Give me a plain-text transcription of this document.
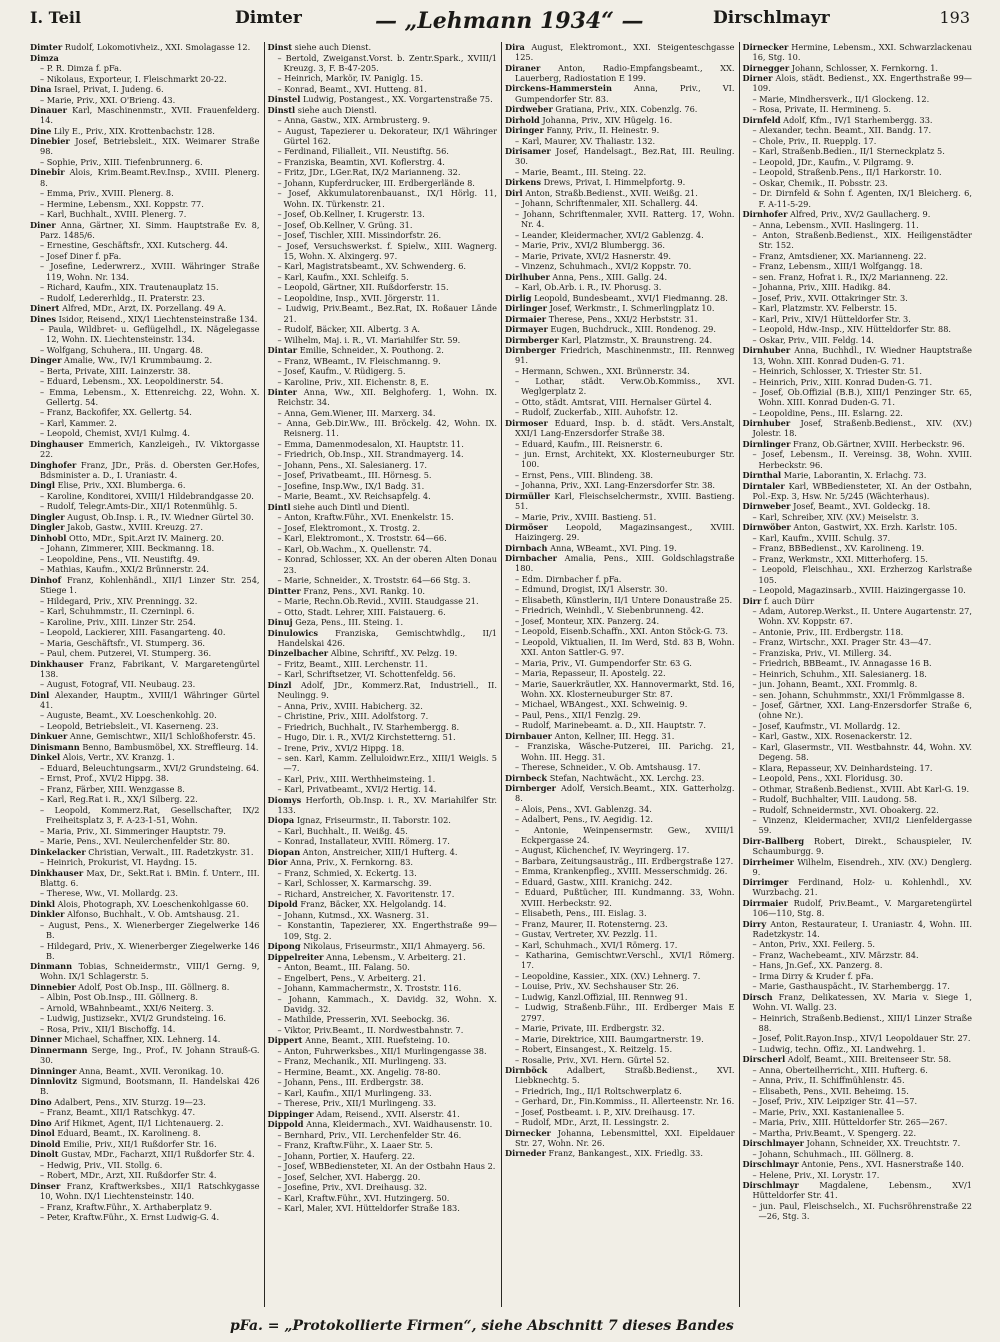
I. Teil	Dimter	— „Lehmann 1934“ —	Dirschlmayr	193

Dimter Rudolf, Lokomotivheiz., XXI. Smolagasse 12.

Dimza

– P. R. Dimza f. pFa.

– Nikolaus, Exporteur, I. Fleischmarkt 20-22.

Dina Israel, Privat, I. Judeng. 6.

– Marie, Priv., XXI. O'Brieng. 43.

Dinauer Karl, Maschinenmstr., XVII. Frauenfelderg. 14.

Dine Lily E., Priv., XIX. Krottenbachstr. 128.

Dinebier Josef, Betriebsleit., XIX. Weimarer Straße 98.

– Sophie, Priv., XIII. Tiefenbrunnerg. 6.

Dinebir Alois, Krim.Beamt.Rev.Insp., XVIII. Plenerg. 8.

– Emma, Priv., XVIII. Plenerg. 8.

– Hermine, Lebensm., XXI. Koppstr. 77.

– Karl, Buchhalt., XVIII. Plenerg. 7.

Diner Anna, Gärtner, XI. Simm. Hauptstraße Ev. 8, Parz. 1485/6.

– Ernestine, Geschäftsfr., XXI. Kutscherg. 44.

– Josef Diner f. pFa.

– Josefine, Lederwrerz., XVIII. Währinger Straße 119, Wohn. Nr. 134.

– Richard, Kaufm., XIX. Trautenauplatz 15.

– Rudolf, Ledererhldg., II. Praterstr. 23.

Dinert Alfred, MDr., Arzt, IX. Porzellang. 49 A.

Dines Isidor, Reisend., XIX/1 Liechtensteinstraße 134.

– Paula, Wildbret- u. Geflügelhdl., IX. Nägelegasse 12, Wohn. IX. Liechtensteinstr. 134.

– Wolfgang, Schuhera., III. Ungarg. 48.

Dinger Amalie, Ww., IV/1 Krummbaumg. 2.

– Berta, Private, XIII. Lainzerstr. 38.

– Eduard, Lebensm., XX. Leopoldinerstr. 54.

– Emma, Lebensm., X. Ettenreichg. 22, Wohn. X. Gellertg. 54.

– Franz, Backofifer, XX. Gellertg. 54.

– Karl, Kammer. 2.

– Leopold, Chemist, XVI/1 Kulmg. 4.

Dinghauser Emmerich, Kanzleigeh., IV. Viktorgasse 22.

Dinghofer Franz, JDr., Präs. d. Obersten Ger.Hofes, Bdsminister a. D., I. Uraniastr. 4.

Dingl Elise, Priv., XXI. Blumberga. 6.

– Karoline, Konditorei, XVIII/1 Hildebrandgasse 20.

– Rudolf, Telegr.Amts-Dir., XII/1 Rotenmühlg. 5.

Dingler August, Ob.Insp. i. R., IV. Wiedner Gürtel 30.

Dingler Jakob, Gastw., XVIII. Kreuzg. 27.

Dinhobl Otto, MDr., Spit.Arzt IV. Mainerg. 20.

– Johann, Zimmerer, XIII. Beckmanng. 18.

– Leopoldine, Pens., VII. Neustiftg. 49.

– Mathias, Kaufm., XXI/2 Brünnerstr. 24.

Dinhof Franz, Kohlenhändl., XII/1 Linzer Str. 254, Stiege 1.

– Hildegard, Priv., XIV. Prenningg. 32.

– Karl, Schuhmmstr., II. Czerninpl. 6.

– Karoline, Priv., XIII. Linzer Str. 254.

– Leopold, Lackierer, XIII. Fasangarteng. 40.

– Maria, Geschäftsfr., VI. Stumperg. 36.

– Paul, chem. Putzerei, VI. Stumperg. 36.

Dinkhauser Franz, Fabrikant, V. Margaretengürtel 138.

– August, Fotograf, VII. Neubaug. 23.

Dinl Alexander, Hauptm., XVIII/1 Währinger Gürtel 41.

– Auguste, Beamt., XV. Loeschenkohlg. 20.

– Leopold, Betriebsleit., VI. Kaserneng. 23.

Dinkuer Anne, Gemischtwr., XII/1 Schloßhoferstr. 45.

Dinismann Benno, Bambusmöbel, XX. Streffleurg. 14.

Dinkel Alois, Vertr., XV. Kranzg. 1.

– Eduard, Beleuchtungsarm., XVI/2 Grundsteing. 64.

– Ernst, Prof., XVI/2 Hippg. 38.

– Franz, Färber, XIII. Wenzgasse 8.

– Karl, Reg.Rat i. R., XX/1 Silberg. 22.

– Leopold, Kommerz.Rat, Gesellschafter, IX/2 Freiheitsplatz 3, F. A-23-1-51, Wohn.

– Maria, Priv., XI. Simmeringer Hauptstr. 79.

– Marie, Pens., XVI. Neulerchenfelder Str. 80.

Dinkelacker Christian, Verwalt., III. Radetzkystr. 31.

– Heinrich, Prokurist, VI. Haydng. 15.

Dinkhauser Max, Dr., Sekt.Rat i. BMin. f. Unterr., III. Blattg. 6.

– Therese, Ww., VI. Mollardg. 23.

Dinkl Alois, Photograph, XV. Loeschenkohlgasse 60.

Dinkler Alfonso, Buchhalt., V. Ob. Amtshausg. 21.

– August, Pens., X. Wienerberger Ziegelwerke 146 B.

– Hildegard, Priv., X. Wienerberger Ziegelwerke 146 B.

Dinmann Tobias, Schneidermstr., VIII/1 Gerng. 9, Wohn. IX/1 Schlagerstr. 5.

Dinnebier Adolf, Post Ob.Insp., III. Göllnerg. 8.

– Albin, Post Ob.Insp., III. Göllnerg. 8.

– Arnold, WBahnbeamt., XXI/6 Neiterg. 3.

– Ludwig, Justizsekr., XVI/2 Grundsteing. 16.

– Rosa, Priv., XII/1 Bischoffg. 14.

Dinner Michael, Schaffner, XIX. Lehnerg. 14.

Dinnermann Serge, Ing., Prof., IV. Johann Strauß-G. 30.

Dinninger Anna, Beamt., XVII. Veronikag. 10.

Dinnlovitz Sigmund, Bootsmann, II. Handelskai 426 B.

Dino Adalbert, Pens., XIV. Sturzg. 19—23.

– Franz, Beamt., XII/1 Ratschkyg. 47.

Dino Arif Hikmet, Agent, II/1 Lichtenauerg. 2.

Dinol Eduard, Beamt., IX. Karolineng. 8.

Dinold Emilie, Priv., XII/1 Rußdorfer Str. 16.

Dinolt Gustav, MDr., Facharzt, XII/1 Rußdorfer Str. 4.

– Hedwig, Priv., VII. Stollg. 6.

– Robert, MDr., Arzt, XII. Rußdorfer Str. 4.

Dinser Franz, Kraftwerksbes., XII/1 Ratschkygasse 10, Wohn. IX/1 Liechtensteinstr. 140.

– Franz, Kraftw.Führ., X. Arthaberplatz 9.

– Peter, Kraftw.Führ., X. Ernst Ludwig-G. 4.

Dinst siehe auch Dienst.

– Bertold, Zweiganst.Vorst. b. Zentr.Spark., XVIII/1 Kreuzg. 3, F. B-47-205.

– Heinrich, Markör, IV. Paniglg. 15.

– Konrad, Beamt., XVI. Hutteng. 81.

Dinstel Ludwig, Postangest., XX. Vorgartenstraße 75.

Dinstl siehe auch Dienstl.

– Anna, Gastw., XIX. Armbrusterg. 9.

– August, Tapezierer u. Dekorateur, IX/1 Währinger Gürtel 162.

– Ferdinand, Filialleit., VII. Neustiftg. 56.

– Franziska, Beamtin, XVI. Koflerstrg. 4.

– Fritz, JDr., LGer.Rat, IX/2 Marianneng. 32.

– Johann, Kupferdrucker, III. Erdbergerlände 8.

– Josef, Akkumulatorenbauanst., IX/1 Hörlg. 11, Wohn. IX. Türkenstr. 21.

– Josef, Ob.Kellner, I. Krugerstr. 13.

– Josef, Ob.Kellner, V. Grüng. 31.

– Josef, Tischler, XIII. Missindorfstr. 26.

– Josef, Versuchswerkst. f. Spielw., XIII. Wagnerg. 15, Wohn. X. Alxingerg. 97.

– Karl, Magistratsbeamt., XV. Schwenderg. 6.

– Karl, Kaufm., XXI. Schleifg. 5.

– Leopold, Gärtner, XII. Rußdorferstr. 15.

– Leopoldine, Insp., XVII. Jörgerstr. 11.

– Ludwig, Priv.Beamt., Bez.Rat, IX. Roßauer Lände 21.

– Rudolf, Bäcker, XII. Albertg. 3 A.

– Wilhelm, Maj. i. R., VI. Mariahilfer Str. 59.

Dintar Emilie, Schneider., X. Pouthong. 2.

– Franz, WBeamt., IV. Fleischmanng. 9.

– Josef, Kaufm., V. Rüdigerg. 5.

– Karoline, Priv., XII. Eichenstr. 8, E.

Dinter Anna, Ww., XII. Belghoferg. 1, Wohn. IX. Reichstr. 34.

– Anna, Gem.Wiener, III. Marxerg. 34.

– Anna, Geb.Dir.Ww., III. Bröckelg. 42, Wohn. IX. Reisnerg. 11.

– Emma, Damenmodesalon, XI. Hauptstr. 11.

– Friedrich, Ob.Insp., XII. Strandmayerg. 14.

– Johann, Pens., XI. Salesianerg. 17.

– Josef, Privatbeamt., III. Hörnesg. 5.

– Josefine, Insp.Ww., IX/1 Badg. 31.

– Marie, Beamt., XV. Reichsapfelg. 4.

Dintl siehe auch Dintl und Dientl.

– Anton, Kraftw.Führ., XVI. Enenkelstr. 15.

– Josef, Elektromont., X. Trostg. 2.

– Karl, Elektromont., X. Troststr. 64—66.

– Karl, Ob.Wachm., X. Quellenstr. 74.

– Konrad, Schlosser, XX. An der oberen Alten Donau 23.

– Marie, Schneider., X. Troststr. 64—66 Stg. 3.

Dintter Franz, Pens., XVI. Rankg. 10.

– Marie, Rechn.Ob.Revid., XVIII. Staudgasse 21.

– Otto, Stadt. Lehrer, XIII. Faistauerg. 6.

Dinuj Geza, Pens., III. Steing. 1.

Dinulowics Franziska, Gemischtwhdlg., II/1 Handelskai 426.

Dinzelbacher Albine, Schriftf., XV. Pelzg. 19.

– Fritz, Beamt., XIII. Lerchenstr. 11.

– Karl, Schriftsetzer, VI. Schottenfeldg. 56.

Dinzl Adolf, JDr., Kommerz.Rat, Industriell., II. Neulingg. 9.

– Anna, Priv., XVIII. Habicherg. 32.

– Christine, Priv., XIII. Adolfstorg. 7.

– Friedrich, Buchhalt., IV. Starhembergg. 8.

– Hugo, Dir. i. R., XVI/2 Kirchstetterng. 51.

– Irene, Priv., XVI/2 Hippg. 18.

– sen. Karl, Kamm. Zelluloidwr.Erz., XIII/1 Weigls. 5—7.

– Karl, Priv., XIII. Werthheimsteing. 1.

– Karl, Privatbeamt., XVI/2 Hertig. 14.

Diomys Herforth, Ob.Insp. i. R., XV. Mariahilfer Str. 133.

Diopa Ignaz, Friseurmstr., II. Taborstr. 102.

– Karl, Buchhalt., II. Weißg. 45.

– Konrad, Installateur, XVIII. Römerg. 17.

Diopan Anton, Anstreicher, XIII/1 Hufterg. 4.

Dior Anna, Priv., X. Fernkorng. 83.

– Franz, Schmied, X. Eckertg. 13.

– Karl, Schlosser, X. Karmarschg. 39.

– Richard, Anstreicher, X. Favoritenstr. 17.

Dipold Franz, Bäcker, XX. Helgolandg. 14.

– Johann, Kutmsd., XX. Wasnerg. 31.

– Konstantin, Tapezierer, XX. Engerthstraße 99—109, Stg. 2.

Dipong Nikolaus, Friseurmstr., XII/1 Ahmayerg. 56.

Dippelreiter Anna, Lebensm., V. Arbeiterg. 21.

– Anton, Beamt., III. Falang. 50.

– Engelbert, Pens., V. Arbeiterg. 21.

– Johann, Kammachermstr., X. Troststr. 116.

– Johann, Kammach., X. Davidg. 32, Wohn. X. Davidg. 32.

– Mathilde, Presserin, XVI. Seebockg. 36.

– Viktor, Priv.Beamt., II. Nordwestbahnstr. 7.

Dippert Anne, Beamt., XIII. Ruefsteing. 10.

– Anton, Fuhrwerksbes., XII/1 Murlingengasse 38.

– Franz, Mechanik., XII. Murlingeng. 33.

– Hermine, Beamt., XX. Angelig. 78-80.

– Johann, Pens., III. Erdbergstr. 38.

– Karl, Kaufm., XII/1 Murlingeng. 33.

– Therese, Priv., XII/1 Murlingeng. 33.

Dippinger Adam, Reisend., XVII. Alserstr. 41.

Dippold Anna, Kleidermach., XVI. Waidhausenstr. 10.

– Bernhard, Priv., VII. Lerchenfelder Str. 46.

– Franz, Kraftw.Führ., X. Laaer Str. 5.

– Johann, Portier, X. Hauferg. 22.

– Josef, WBBediensteter, XI. An der Ostbahn Haus 2.

– Josef, Selcher, XVI. Habergg. 20.

– Josefine, Priv., XVI. Dreihausg. 32.

– Karl, Kraftw.Führ., XVI. Hutzingerg. 50.

– Karl, Maler, XVI. Hütteldorfer Straße 183.

Dira August, Elektromont., XXI. Steigenteschgasse 125.

Diraner Anton, Radio-Empfangsbeamt., XX. Lauerberg, Radiostation E 199.

Dirckens-Hammerstein	Anna, Priv., VI. Gumpendorfer Str. 83.

Dirdweber Gratiana, Priv., XIX. Cobenzlg. 76.

Dirhold Johanna, Priv., XIV. Hügelg. 16.

Diringer Fanny, Priv., II. Heinestr. 9.

– Karl, Maurer, XV. Thaliastr. 132.

Dirisamer Josef, Handelsagt., Bez.Rat, III. Reuling. 30.

– Marie, Beamt., III. Steing. 22.

Dirkens Drews, Privat, I. Himmelpfortg. 9.

Dirl Anton, Straßb.Bedienst., XVII. Weißg. 21.

– Johann, Schriftenmaler, XII. Schallerg. 44.

– Johann, Schriftenmaler, XVII. Ratterg. 17, Wohn. Nr. 4.

– Leander, Kleidermacher, XVI/2 Gablenzg. 4.

– Marie, Priv., XVI/2 Blumbergg. 36.

– Marie, Private, XVI/2 Hasnerstr. 49.

– Vinzenz, Schuhmach., XVI/2 Koppstr. 70.

Dirlhuber Anna, Pens., XIII. Gallg. 24.

– Karl, Ob.Arb. i. R., IV. Phorusg. 3.

Dirlig Leopold, Bundesbeamt., XVI/1 Fiedmanng. 28.

Dirlinger Josef, Werkmstr., I. Schmerlingplatz 10.

Dirmaier Therese, Pens., XXI/2 Herbststr. 31.

Dirmayer Eugen, Buchdruck., XIII. Rondenog. 29.

Dirmberger Karl, Platzmstr., X. Braunstreng. 24.

Dirnberger Friedrich, Maschinenmstr., III. Rennweg 91.

– Hermann, Schwen., XXI. Brünnerstr. 34.

– Lothar, städt. Verw.Ob.Kommiss., XVI. Weglgerplatz 2.

– Otto, städt. Amtsrat, VIII. Hernalser Gürtel 4.

– Rudolf, Zuckerfab., XIII. Auhofstr. 12.

Dirmoser Eduard, Insp. b. d. städt. Vers.Anstalt, XXI/1 Lang-Enzersdorfer Straße 38.

– Eduard, Kaufm., III. Reisnerstr. 6.

– jun. Ernst, Architekt, XX. Klosterneuburger Str. 100.

– Ernst, Pens., VIII. Blindeng. 38.

– Johanna, Priv., XXI. Lang-Enzersdorfer Str. 38.

Dirmüller Karl, Fleischselchermstr., XVIII. Bastieng. 51.

– Marie, Priv., XVIII. Bastieng. 51.

Dirmöser Leopold, Magazinsangest., XVIII. Haizingerg. 29.

Dirnbach Anna, WBeamt., XVI. Ping. 19.

Dirnbacher Amalia, Pens., XIII. Goldschlagstraße 180.

– Edm. Dirnbacher f. pFa.

– Edmund, Drogist, IX/1 Alserstr. 30.

– Elisabeth, Künstlerin, II/1 Untere Donaustraße 25.

– Friedrich, Weinhdl., V. Siebenbrunneng. 42.

– Josef, Monteur, XIX. Panzerg. 24.

– Leopold, Eisenb.Schaffn., XXI. Anton Stöck-G. 73.

– Leopold, Viktualien, II. Im Werd, Std. 83 B, Wohn. XXI. Anton Sattler-G. 97.

– Maria, Priv., VI. Gumpendorfer Str. 63 G.

– Maria, Repasseur, II. Apostelg. 22.

– Marie, Sauerkräutler, XX. Hannovermarkt, Std. 16, Wohn. XX. Klosterneuburger Str. 87.

– Michael, WBAngest., XXI. Schweinig. 9.

– Paul, Pens., XII/1 Fenzlg. 29.

– Rudolf, Marinebeamt. a. D., XII. Hauptstr. 7.

Dirnbauer Anton, Kellner, III. Hegg. 31.

– Franziska, Wäsche-Putzerei, III. Parichg. 21, Wohn. III. Hegg. 31.

– Therese, Schneider., V. Ob. Amtshausg. 17.

Dirnbeck Stefan, Nachtwächt., XX. Lerchg. 23.

Dirnberger Adolf, Versich.Beamt., XIX. Gatterholzg. 8.

– Alois, Pens., XVI. Gablenzg. 34.

– Adalbert, Pens., IV. Aegidig. 12.

– Antonie, Weinpensermstr. Gew., XVIII/1 Eckpergasse 24.

– August, Küchenchef, IV. Weyringerg. 17.

– Barbara, Zeitungsausträg., III. Erdbergstraße 127.

– Emma, Krankenpfleg., XVIII. Messerschmidg. 26.

– Eduard, Gastw., XIII. Kranichg. 242.

– Eduard, Pußtücher, III. Kundmanng. 33, Wohn. XVIII. Herbeckstr. 92.

– Elisabeth, Pens., III. Eislag. 3.

– Franz, Maurer, II. Rotensterng. 23.

– Gustav, Vertreter, XV. Pezzlg. 11.

– Karl, Schuhmach., XVI/1 Römerg. 17.

– Katharina, Gemischtwr.Verschl., XVI/1 Römerg. 17.

– Leopoldine, Kassier., XIX. (XV.) Lehnerg. 7.

– Louise, Priv., XV. Sechshauser Str. 26.

– Ludwig, Kanzl.Offizial, III. Rennweg 91.

– Ludwig, Straßenb.Führ., III. Erdberger Mais E 2797.

– Marie, Private, III. Erdbergstr. 32.

– Marie, Direktrice, XIII. Baumgartnerstr. 19.

– Robert, Einsangest., X. Reitzelg. 15.

– Rosalie, Priv., XVI. Hern. Gürtel 52.

Dirnböck Adalbert, Straßb.Bedienst., XVI. Liebknechtg. 5.

– Friedrich, Ing., II/1 Roltschwerplatz 6.

– Gerhard, Dr., Fin.Kommiss., II. Allerteenstr. Nr. 16.

– Josef, Postbeamt. i. P., XIV. Dreihausg. 17.

– Rudolf, MDr., Arzt, II. Lessingstr. 2.

Dirnecker Johanna, Lebensmittel, XXI. Eipeldauer Str. 27, Wohn. Nr. 26.

Dirneder Franz, Bankangest., XIX. Friedlg. 33.

Dirnecker Hermine, Lebensm., XXI. Schwarzlackenau 16, Stg. 10.

Dirnegger Johann, Schlosser, X. Fernkorng. 1.

Dirner Alois, städt. Bedienst., XX. Engerthstraße 99—109.

– Marie, Mindhersverk., II/1 Glockeng. 12.

– Rosa, Private, II. Hermineng. 5.

Dirnfeld Adolf, Kfm., IV/1 Starhembergg. 33.

– Alexander, techn. Beamt., XII. Bandg. 17.

– Chole, Priv., II. Ruepplg. 17.

– Karl, Straßenb.Bedien., II/1 Sterneckplatz 5.

– Leopold, JDr., Kaufm., V. Pilgramg. 9.

– Leopold, Straßenb.Pens., II/1 Harkorstr. 10.

– Oskar, Chemik., II. Pobsstr. 23.

– Dr. Dirnfeld & Sohn f. Agenten, IX/1 Bleicherg. 6, F. A-11-5-29.

Dirnhofer Alfred, Priv., XV/2 Gaullacherg. 9.

– Anna, Lebensm., XVII. Haslingerg. 11.

– Anton, Straßenb.Bedienst., XIX. Heiligenstädter Str. 152.

– Franz, Amtsdiener, XX. Marianneng. 22.

– Franz, Lebensm., XIII/1 Wolfgangg. 18.

– sen. Franz, Hofrat i. R., IX/2 Marianneng. 22.

– Johanna, Priv., XIII. Hadikg. 84.

– Josef, Priv., XVII. Ottakringer Str. 3.

– Karl, Platzmstr. XV. Felberstr. 15.

– Karl, Priv., XIV/1 Hütteldorfer Str. 3.

– Leopold, Hdw.-Insp., XIV. Hütteldorfer Str. 88.

– Oskar, Priv., VIII. Feldg. 14.

Dirnhuber Anna, Buchhdl., IV. Wiedner Hauptstraße 13, Wohn. XIII. Konrad Duden-G. 71.

– Heinrich, Schlosser, X. Triester Str. 51.

– Heinrich, Priv., XIII. Konrad Duden-G. 71.

– Josef, Ob.Offizial (B.B.), XIII/1 Penzinger Str. 65, Wohn. XIII. Konrad Duden-G. 71.

– Leopoldine, Pens., III. Eslarng. 22.

Dirnhuber Josef, Straßenb.Bedienst., XIV. (XV.) Jolestr. 18.

Dirnlinger Franz, Ob.Gärtner, XVIII. Herbeckstr. 96.

– Josef, Lebensm., II. Vereinsg. 38, Wohn. XVIII. Herbeckstr. 96.

Dirnthal Marie, Laborantin, X. Erlachg. 73.

Dirntaler Karl, WBBediensteter, XI. An der Ostbahn, Pol.-Exp. 3, Hsw. Nr. 5/245 (Wächterhaus).

Dirnweber Josef, Beamt., XVI. Goldeckg. 18.

– Karl, Schreiber, XIV. (XV.) Meiselstr. 3.

Dirnwöber Anton, Gastwirt, XX. Erzh. Karlstr. 105.

– Karl, Kaufm., XVIII. Schulg. 37.

– Franz, BBBedienst., XV. Karolineng. 19.

– Franz, Werkmstr., XXI. Mitterhoferg. 15.

– Leopold, Fleischhau., XXI. Erzherzog Karlstraße 105.

– Leopold, Magazinsarb., XVIII. Haizingergasse 10.

Dirr f. auch Dürr

– Adam, Autorep.Werkst., II. Untere Augartenstr. 27, Wohn. XV. Koppstr. 67.

– Antonie, Priv., III. Erdbergstr. 118.

– Franz, Wirtschr., XXI. Prager Str. 43—47.

– Franziska, Priv., VI. Millerg. 34.

– Friedrich, BBBeamt., IV. Annagasse 16 B.

– Heinrich, Schuhm., XII. Salesianerg. 18.

– jun. Johann, Beamt., XXI. Frommlg. 8.

– sen. Johann, Schuhmmstr., XXI/1 Frömmlgasse 8.

– Josef, Gärtner, XXI. Lang-Enzersdorfer Straße 6, (ohne Nr.).

– Josef, Kaufmstr., VI. Mollardg. 12.

– Karl, Gastw., XIX. Rosenackerstr. 12.

– Karl, Glasermstr., VII. Westbahnstr. 44, Wohn. XV. Degeng. 58.

– Klara, Repasseur, XV. Deinhardsteing. 17.

– Leopold, Pens., XXI. Floridusg. 30.

– Othmar, Straßenb.Bedienst., XVIII. Abt Karl-G. 19.

– Rudolf, Buchhalter, VIII. Laudong. 58.

– Rudolf, Schneidermstr., XVI. Oboakerg. 22.

– Vinzenz, Kleidermacher, XVII/2 Lienfeldergasse 59.

Dirr-Ballberg Robert, Direkt., Schauspieler, IV. Schaumburgg. 9.

Dirrheimer Wilhelm, Eisendreh., XIV. (XV.) Denglerg. 9.

Dirrimger Ferdinand, Holz- u. Kohlenhdl., XV. Wurzbachg. 21.

Dirrmaier Rudolf, Priv.Beamt., V. Margaretengürtel 106—110, Stg. 8.

Dirry Anton, Restaurateur, I. Uraniastr. 4, Wohn. III. Radetzkystr. 14.

– Anton, Priv., XXI. Feilerg. 5.

– Franz, Wachebeamt., XIV. Märzstr. 84.

– Hans, Jn.Gef., XX. Panzerg. 8.

– Irma Dirry & Kruder f. pFa.

– Marie, Gasthauspächt., IV. Starhembergg. 17.

Dirsch Franz, Delikatessen, XV. Maria v. Siege 1, Wohn. VI. Wallg. 23.

– Heinrich, Straßenb.Bedienst., XIII/1 Linzer Straße 88.

– Josef, Polit.Rayon.Insp., XIV/1 Leopoldauer Str. 27.

– Ludwig, techn. Offiz., XI. Landwehrg. 1.

Dirscherl Adolf, Beamt., XIII. Breitenseer Str. 58.

– Anna, Oberteilherricht., XIII. Hufterg. 6.

– Anna, Priv., II. Schiffmühlenstr. 45.

– Elisabeth, Pens., XVII. Beheimg. 15.

– Josef, Priv., XIV. Leipziger Str. 41—57.

– Marie, Priv., XXI. Kastanienallee 5.

– Maria, Priv., XIII. Hütteldorfer Str. 265—267.

– Martha, Priv.Beamt., V. Spengerg. 22.

Dirschlmayer Johann, Schneider, XX. Treuchtstr. 7.

– Johann, Schuhmach., III. Göllnerg. 8.

Dirschlmayr Antonie, Pens., XVI. Hasnerstraße 140.

– Helene, Priv., XI. Lorystr. 17.

Dirschlmayr	Magdalene, Lebensm., XV/1 Hütteldorfer Str. 41.

– jun. Paul, Fleischselch., XI. Fuchsröhrenstraße 22—26, Stg. 3.

pFa. = „Protokollierte Firmen“, siehe Abschnitt 7 dieses Bandes
